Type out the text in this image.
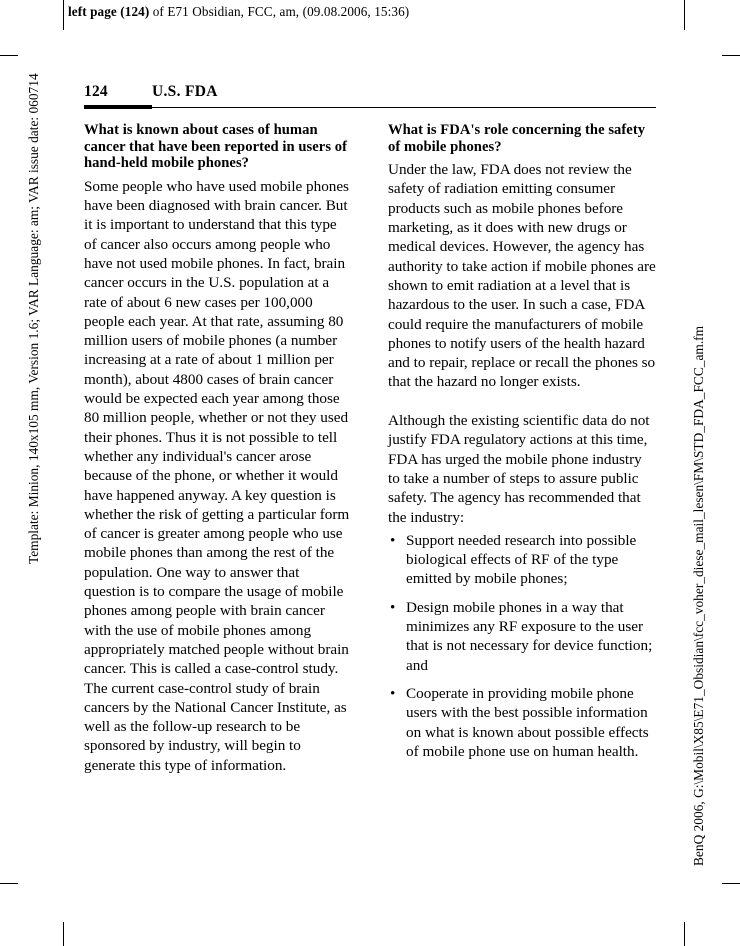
left page (124) of E71 Obsidian, FCC, am, (09.08.2006, 15:36)
Template: Minion, 140x105 mm, Version 1.6; VAR Language: am; VAR issue date: 060714
BenQ 2006, G:\Mobil\X85\E71_Obsidian\fcc_voher_diese_mail_lesen\FM\STD_FDA_FCC_am.fm
124	U.S. FDA
What is known about cases of human cancer that have been reported in users of hand-held mobile phones?

Some people who have used mobile phones have been diagnosed with brain cancer. But it is important to understand that this type of cancer also occurs among people who have not used mobile phones. In fact, brain cancer occurs in the U.S. population at a rate of about 6 new cases per 100,000 people each year. At that rate, assuming 80 million users of mobile phones (a number increasing at a rate of about 1 million per month), about 4800 cases of brain cancer would be expected each year among those 80 million people, whether or not they used their phones. Thus it is not possible to tell whether any individual's cancer arose because of the phone, or whether it would have happened anyway. A key question is whether the risk of getting a particular form of cancer is greater among people who use mobile phones than among the rest of the population. One way to answer that question is to compare the usage of mobile phones among people with brain cancer with the use of mobile phones among appropriately matched people without brain cancer. This is called a case-control study. The current case-control study of brain cancers by the National Cancer Institute, as well as the follow-up research to be sponsored by industry, will begin to generate this type of information.

What is FDA's role concerning the safety of mobile phones?

Under the law, FDA does not review the safety of radiation emitting consumer products such as mobile phones before marketing, as it does with new drugs or medical devices. However, the agency has authority to take action if mobile phones are shown to emit radiation at a level that is hazardous to the user. In such a case, FDA could require the manufacturers of mobile phones to notify users of the health hazard and to repair, replace or recall the phones so that the hazard no longer exists.

Although the existing scientific data do not justify FDA regulatory actions at this time, FDA has urged the mobile phone industry to take a number of steps to assure public safety. The agency has recommended that the industry:

• Support needed research into possible biological effects of RF of the type emitted by mobile phones;
• Design mobile phones in a way that minimizes any RF exposure to the user that is not necessary for device function; and
• Cooperate in providing mobile phone users with the best possible information on what is known about possible effects of mobile phone use on human health.
